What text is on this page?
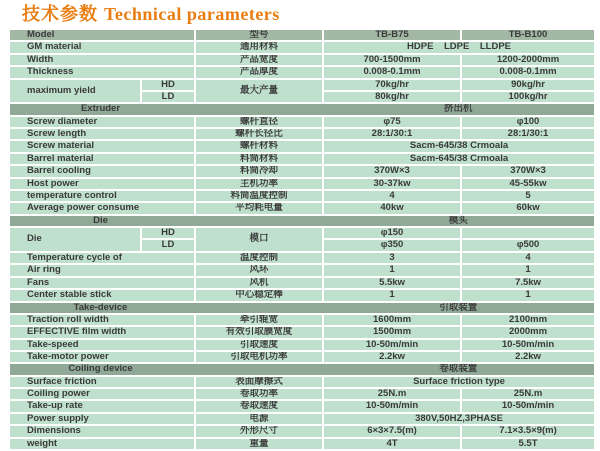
技术参数 Technical parameters
Model		型号	TB-B75	TB-B100
GM material		通用材料	HDPE    LDPE    LLDPE	
Width		产品宽度	700-1500mm	1200-2000mm
Thickness		产品厚度	0.008-0.1mm	0.008-0.1mm
maximum yield	HD	最大产量	70kg/hr	90kg/hr
	LD		80kg/hr	100kg/hr

Extruder 挤出机				

Screw diameter		螺杆直径	φ75	φ100
Screw length		螺杆长径比	28:1/30:1	28:1/30:1
Screw material		螺杆材料	Sacm-645/38 Crmoala	
Barrel material		料筒材料	Sacm-645/38 Crmoala	
Barrel cooling		料筒冷却	370W×3	370W×3
Host power		主机功率	30-37kw	45-55kw
temperature control		料筒温度控制	4	5
Average power consume		平均耗电量	40kw	60kw

Die 模头				

Die	HD	模口	φ150	
	LD		φ350	φ500
Temperature cycle of		温度控制	3	4
Air ring		风环	1	1
Fans		风机	5.5kw	7.5kw
Center stable stick		中心稳定棒	1	1

Take-device 引取装置				

Traction roll width		牵引辊宽	1600mm	2100mm
EFFECTIVE film width		有效引取膜宽度	1500mm	2000mm
Take-speed		引取速度	10-50m/min	10-50m/min
Take-motor power		引取电机功率	2.2kw	2.2kw

Coiling device 卷取装置				

Surface friction		表面摩擦式	Surface friction type	
Coiling power		卷取功率	25N.m	25N.m
Take-up rate		卷取速度	10-50m/min	10-50m/min
Power supply		电源	380V,50HZ,3PHASE	
Dimensions		外形尺寸	6×3×7.5(m)	7.1×3.5×9(m)
weight		重量	4T	5.5T
